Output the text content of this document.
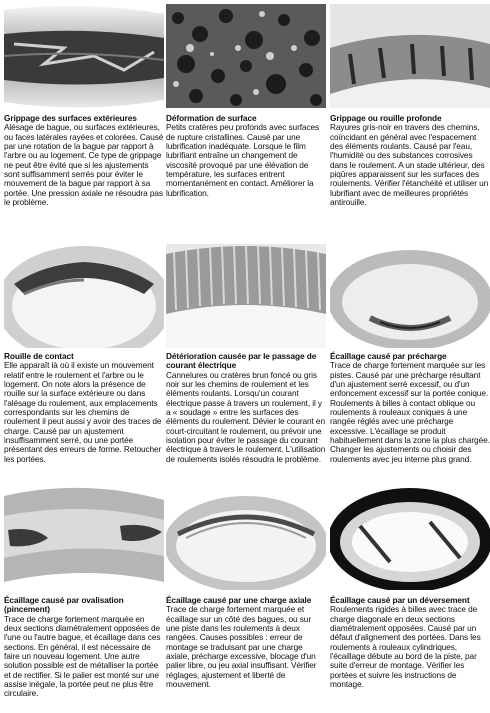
Grippage des surfaces extérieures
Alésage de bague, ou surfaces extérieures, ou faces latérales rayées et colorées. Causé par une rotation de la bague par rapport à l'arbre ou au logement. Ce type de grippage ne peut être évité que si les ajustements sont suffisamment serrés pour éviter le mouvement de la bague par rapport à sa portée. Une pression axiale ne résoudra pas le problème.
Déformation de surface
Petits cratères peu profonds avec surfaces de rupture cristallines. Causé par une lubrification inadéquate. Lorsque le film lubrifiant entraîne un changement de viscosité provoqué par une élévation de température, les surfaces entrent momentanément en contact. Améliorer la lubrification.
Grippage ou rouille profonde
Rayures gris-noir en travers des chemins, coïncidant en général avec l'espacement des éléments roulants. Causé par l'eau, l'humidité ou des substances corrosives dans le roulement. A un stade ultérieur, des piqûres apparaissent sur les surfaces des roulements. Vérifier l'étanchéité et utiliser un lubrifiant avec de meilleures propriétés antirouille.
Rouille de contact
Elle apparaît là où il existe un mouvement relatif entre le roulement et l'arbre ou le logement. On note alors la présence de rouille sur la surface extérieure ou dans l'alésage du roulement, aux emplacements correspondants sur les chemins de roulement il peut aussi y avoir des traces de charge. Causé par un ajustement insuffisamment serré, ou une portée présentant des erreurs de forme. Retoucher les portées.
Détérioration causée par le passage de courant électrique
Cannelures ou cratères brun foncé ou gris noir sur les chemins de roulement et les éléments roulants. Lorsqu'un courant électrique passe à travers un roulement, il y a « soudage » entre les surfaces des éléments du roulement. Dévier le courant en court-circuitant le roulement, ou prévoir une isolation pour éviter le passage du courant électrique à travers le roulement. L'utilisation de roulements isolés résoudra le problème.
Écaillage causé par précharge
Trace de charge fortement marquée sur les pistes. Causé par une précharge résultant d'un ajustement serré excessif, ou d'un enfoncement excessif sur la portée conique. Roulements à billes à contact oblique ou roulements à rouleaux coniques à une rangée réglés avec une précharge excessive. L'écaillage se produit habituellement dans la zone la plus chargée. Changer les ajustements ou choisir des roulements avec jeu interne plus grand.
Écaillage causé par ovalisation (pincement)
Trace de charge fortement marquée en deux sections diamétralement opposées de l'une ou l'autre bague, et écaillage dans ces sections. En général, il est nécessaire de faire un nouveau logement. Une autre solution possible est de métalliser la portée et de rectifier. Si le palier est monté sur une assise inégale, la portée peut ne plus être circulaire.
Écaillage causé par une charge axiale
Trace de charge fortement marquée et écaillage sur un côté des bagues, ou sur une piste dans les roulements à deux rangées. Causes possibles : erreur de montage se traduisant par une charge axiale, précharge excessive, blocage d'un palier libre, ou jeu axial insuffisant. Vérifier réglages, ajustement et liberté de mouvement.
Écaillage causé par un déversement
Roulements rigides à billes avec trace de charge diagonale en deux sections diamétralement opposées. Causé par un défaut d'alignement des portées. Dans les roulements à rouleaux cylindriques, l'écaillage débute au bord de la piste, par suite d'erreur de montage. Vérifier les portées et suivre les instructions de montage.
